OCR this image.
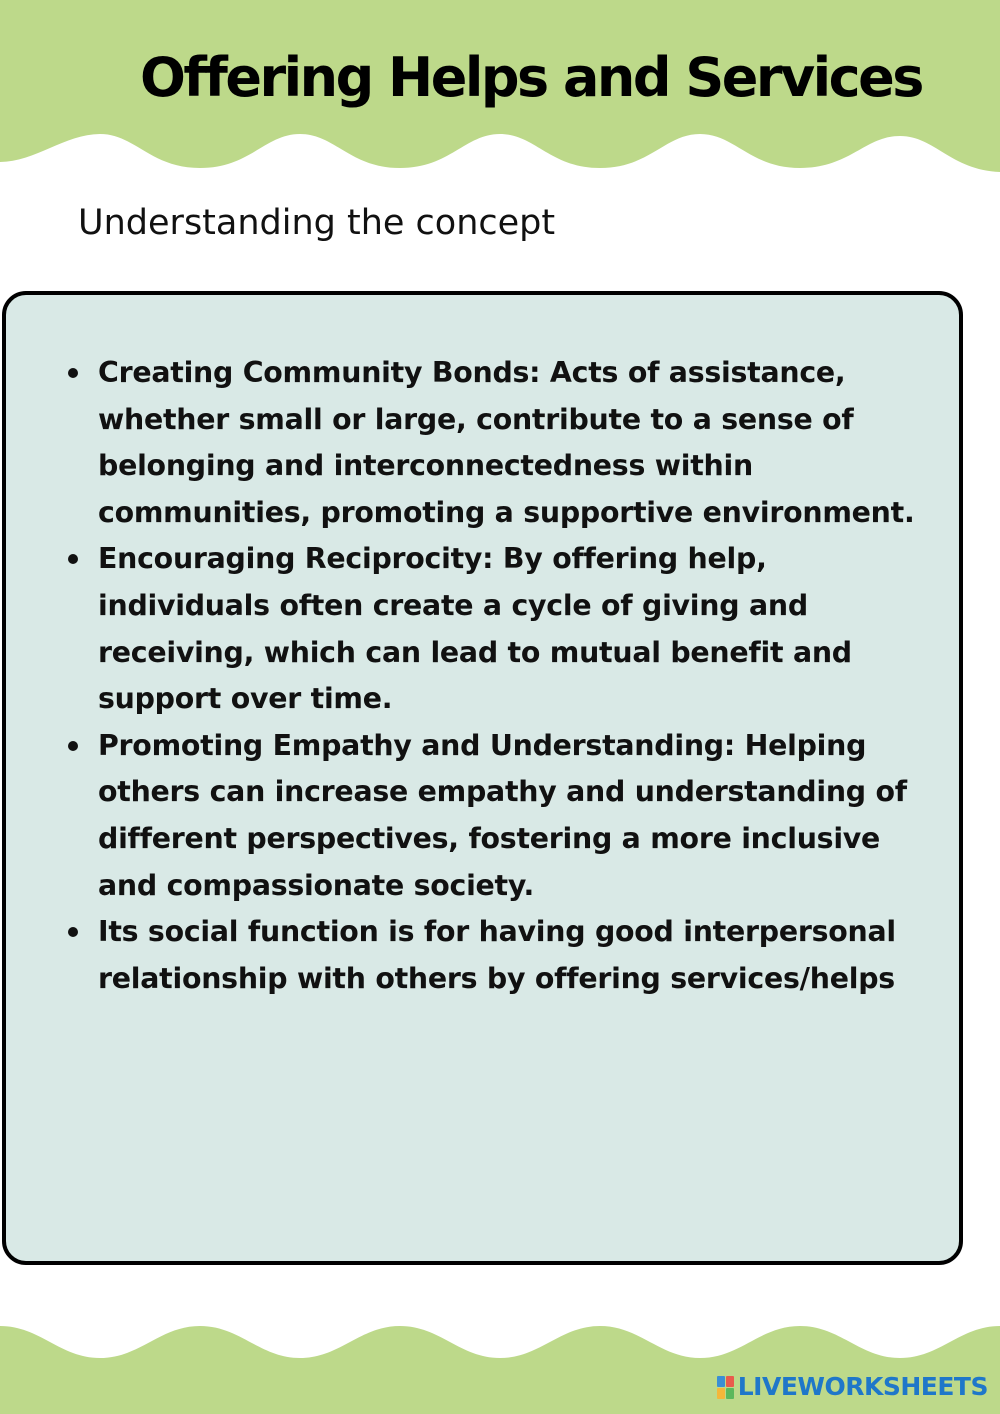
Offering Helps and Services
Understanding the concept
Creating Community Bonds: Acts of assistance, whether small or large, contribute to a sense of belonging and interconnectedness within communities, promoting a supportive environment.
Encouraging Reciprocity: By offering help, individuals often create a cycle of giving and receiving, which can lead to mutual benefit and support over time.
Promoting Empathy and Understanding: Helping others can increase empathy and understanding of different perspectives, fostering a more inclusive and compassionate society.
Its social function is for having good interpersonal relationship with others by offering services/helps
LIVEWORKSHEETS
